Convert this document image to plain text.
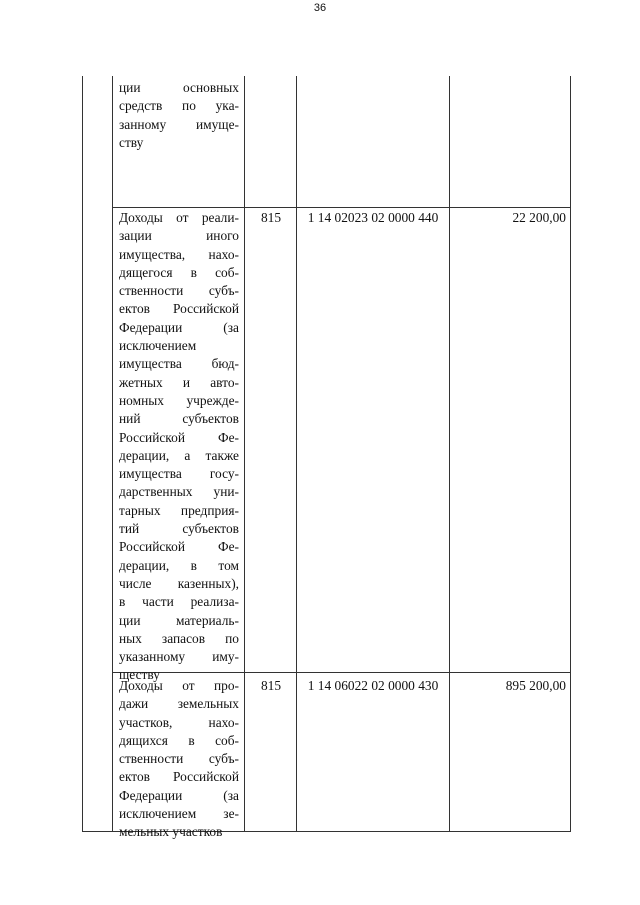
36
ции	основных
средств по ука-
занному имуще-
ству
Доходы от реали-
зации	иного
имущества, нахо-
дящегося в соб-
ственности субъ-
ектов Российской
Федерации	(за
исключением
имущества бюд-
жетных и авто-
номных учрежде-
ний	субъектов
Российской Фе-
дерации, а также
имущества госу-
дарственных уни-
тарных предприя-
тий	субъектов
Российской Фе-
дерации, в том
числе казенных),
в части реализа-
ции	материаль-
ных запасов по
указанному иму-
ществу
815	1 14 02023 02 0000 440	22 200,00
Доходы от про-
дажи земельных
участков,	нахо-
дящихся в соб-
ственности субъ-
ектов Российской
Федерации	(за
исключением зе-
мельных участков
815	1 14 06022 02 0000 430	895 200,00
